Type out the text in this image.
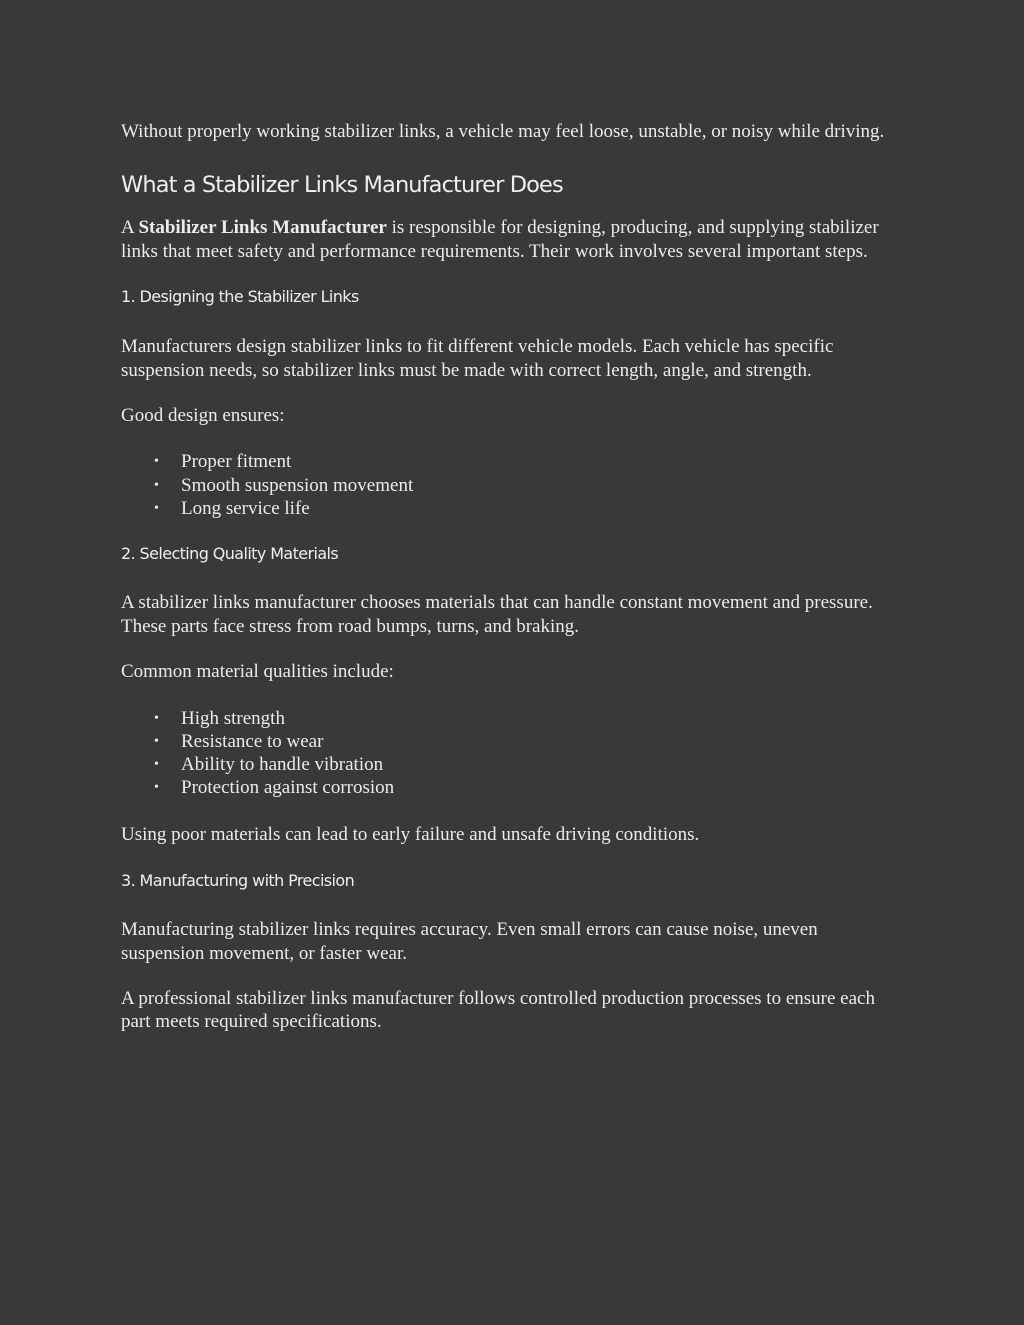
Without properly working stabilizer links, a vehicle may feel loose, unstable, or noisy while driving.

What a Stabilizer Links Manufacturer Does

A Stabilizer Links Manufacturer is responsible for designing, producing, and supplying stabilizer links that meet safety and performance requirements. Their work involves several important steps.

1. Designing the Stabilizer Links

Manufacturers design stabilizer links to fit different vehicle models. Each vehicle has specific suspension needs, so stabilizer links must be made with correct length, angle, and strength.

Good design ensures:

• Proper fitment
• Smooth suspension movement
• Long service life
2. Selecting Quality Materials

A stabilizer links manufacturer chooses materials that can handle constant movement and pressure. These parts face stress from road bumps, turns, and braking.

Common material qualities include:

• High strength
• Resistance to wear
• Ability to handle vibration
• Protection against corrosion

Using poor materials can lead to early failure and unsafe driving conditions.

3. Manufacturing with Precision

Manufacturing stabilizer links requires accuracy. Even small errors can cause noise, uneven suspension movement, or faster wear.

A professional stabilizer links manufacturer follows controlled production processes to ensure each part meets required specifications.
